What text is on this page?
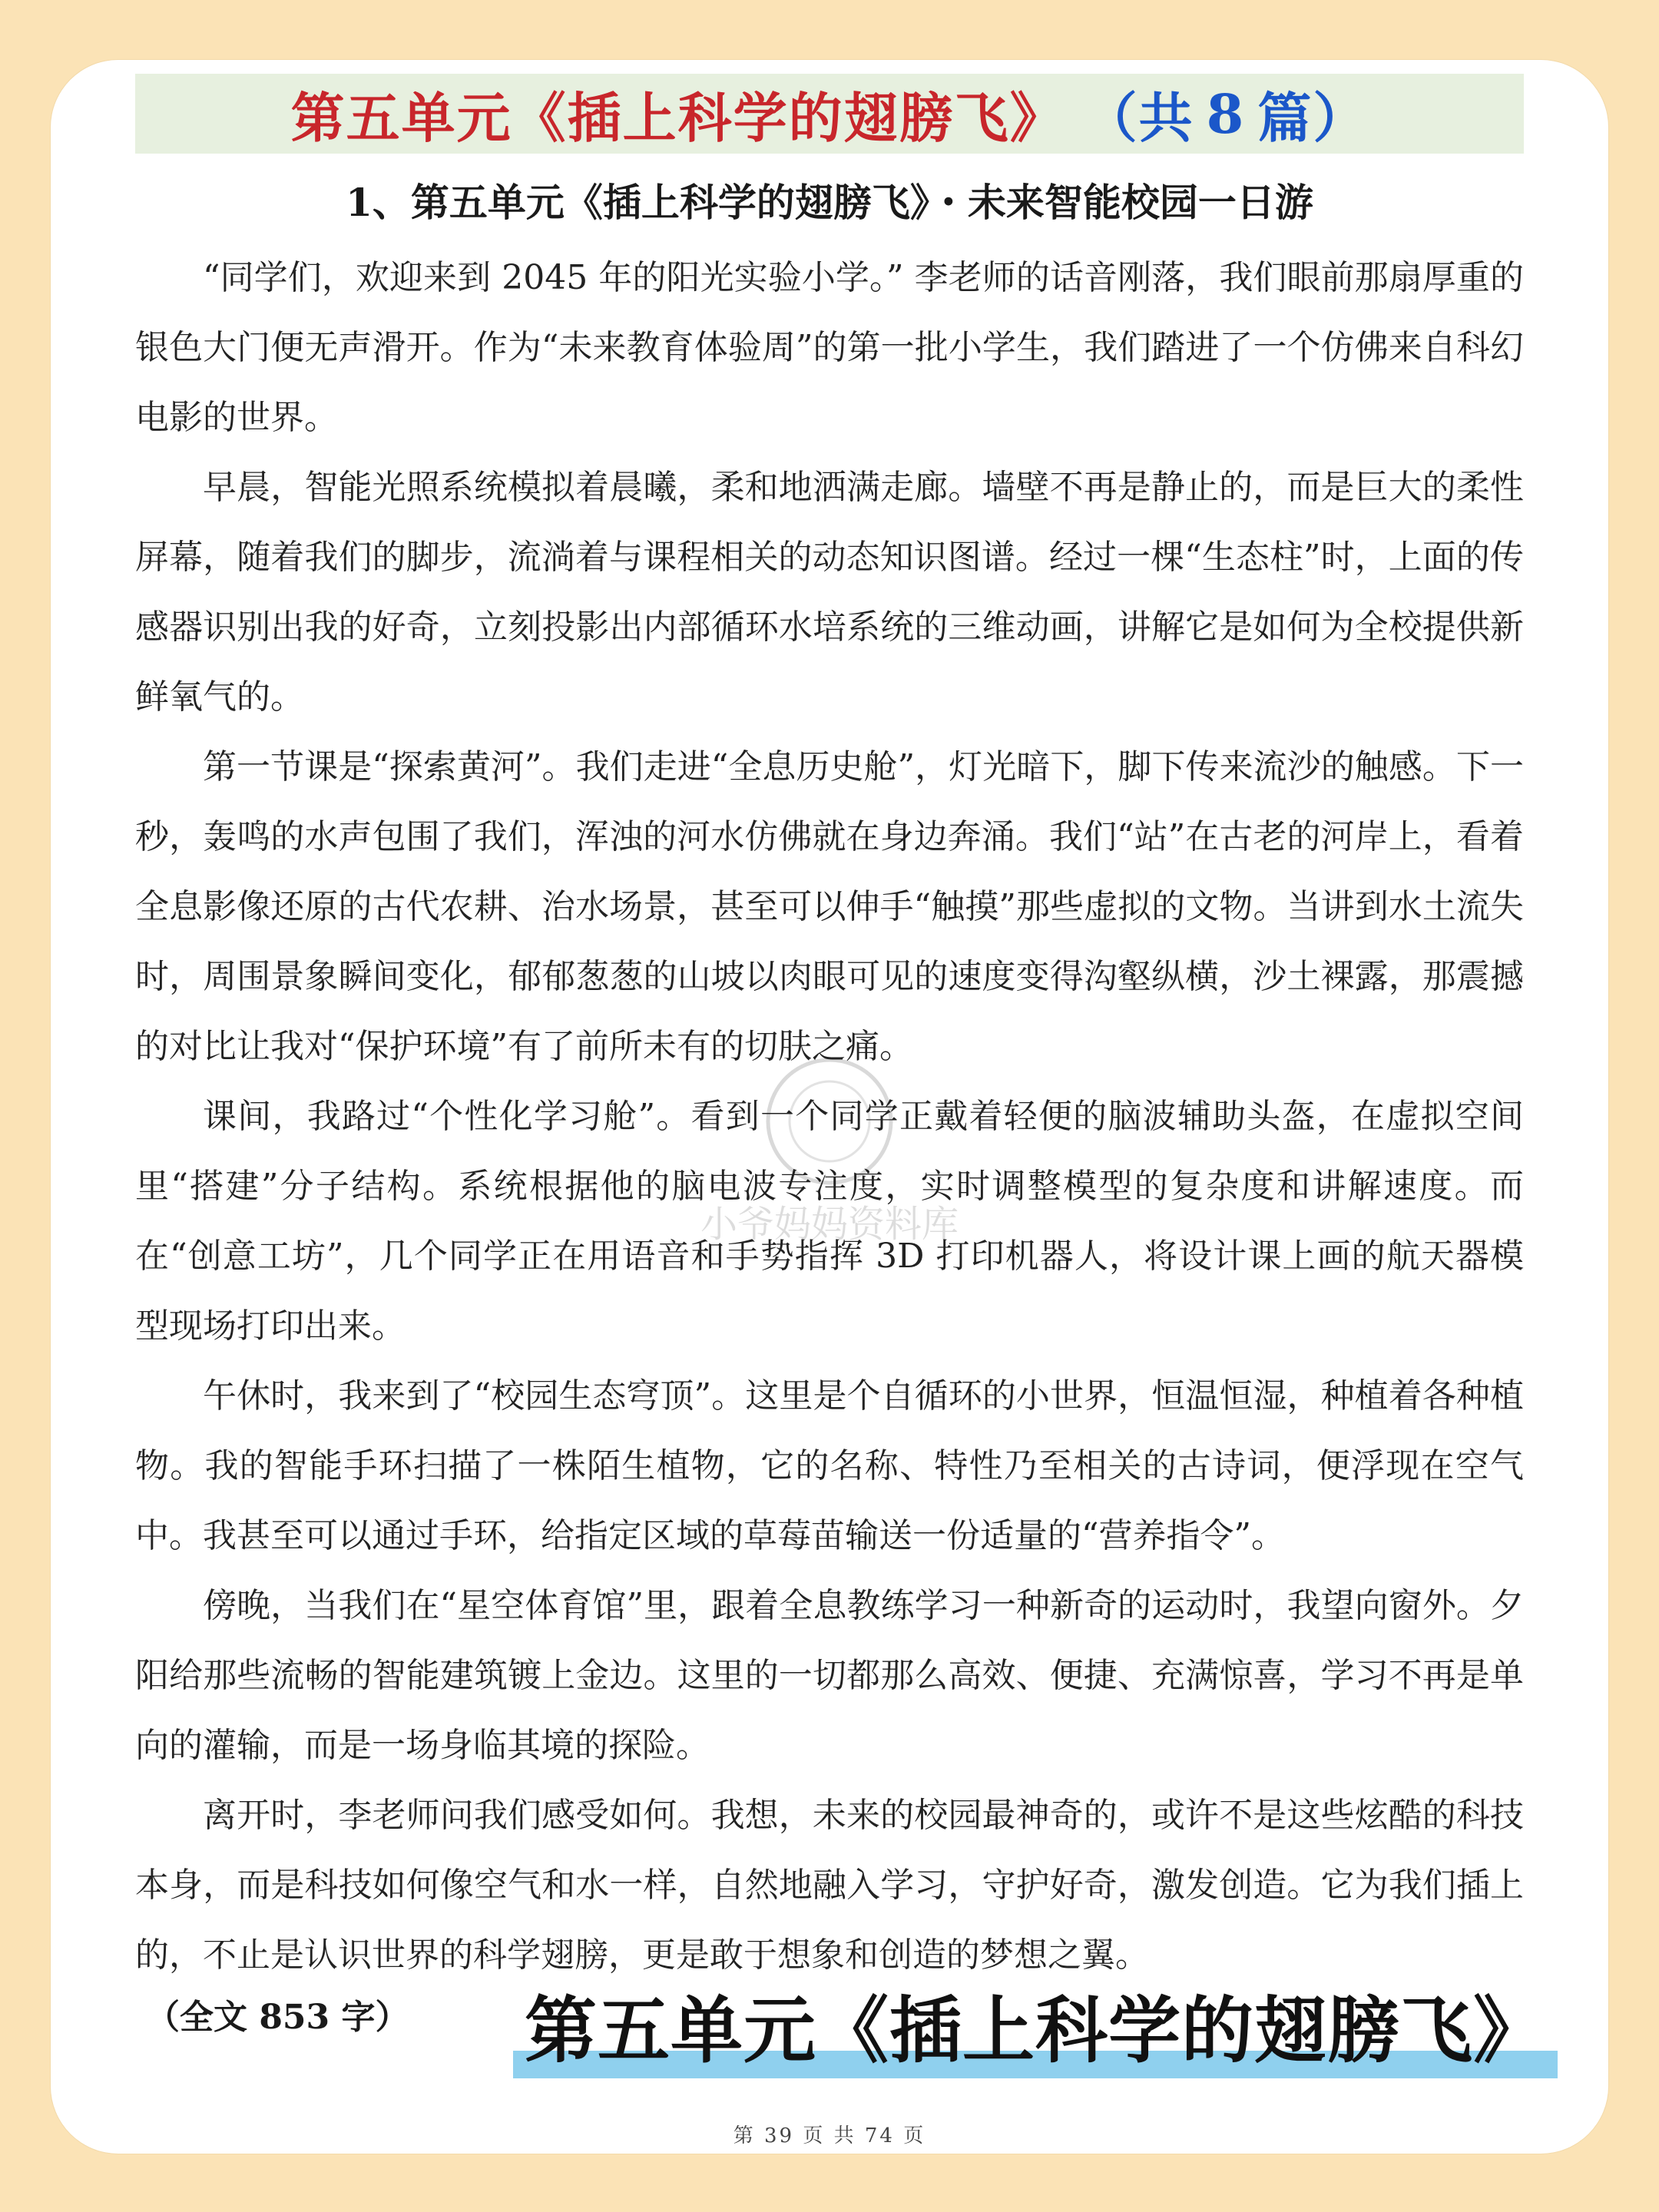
第五单元《插上科学的翅膀飞》 （共 8 篇）
1、第五单元《插上科学的翅膀飞》・未来智能校园一日游
小爷妈妈资料库

“同学们，欢迎来到 2045 年的阳光实验小学。” 李老师的话音刚落，我们眼前那扇厚重的银色大门便无声滑开。作为“未来教育体验周”的第一批小学生，我们踏进了一个仿佛来自科幻电影的世界。

早晨，智能光照系统模拟着晨曦，柔和地洒满走廊。墙壁不再是静止的，而是巨大的柔性屏幕，随着我们的脚步，流淌着与课程相关的动态知识图谱。经过一棵“生态柱”时，上面的传感器识别出我的好奇，立刻投影出内部循环水培系统的三维动画，讲解它是如何为全校提供新鲜氧气的。

第一节课是“探索黄河”。我们走进“全息历史舱”，灯光暗下，脚下传来流沙的触感。下一秒，轰鸣的水声包围了我们，浑浊的河水仿佛就在身边奔涌。我们“站”在古老的河岸上，看着全息影像还原的古代农耕、治水场景，甚至可以伸手“触摸”那些虚拟的文物。当讲到水土流失时，周围景象瞬间变化，郁郁葱葱的山坡以肉眼可见的速度变得沟壑纵横，沙土裸露，那震撼的对比让我对“保护环境”有了前所未有的切肤之痛。

课间，我路过“个性化学习舱”。看到一个同学正戴着轻便的脑波辅助头盔，在虚拟空间里“搭建”分子结构。系统根据他的脑电波专注度，实时调整模型的复杂度和讲解速度。而在“创意工坊”，几个同学正在用语音和手势指挥 3D 打印机器人，将设计课上画的航天器模型现场打印出来。

午休时，我来到了“校园生态穹顶”。这里是个自循环的小世界，恒温恒湿，种植着各种植物。我的智能手环扫描了一株陌生植物，它的名称、特性乃至相关的古诗词，便浮现在空气中。我甚至可以通过手环，给指定区域的草莓苗输送一份适量的“营养指令”。

傍晚，当我们在“星空体育馆”里，跟着全息教练学习一种新奇的运动时，我望向窗外。夕阳给那些流畅的智能建筑镀上金边。这里的一切都那么高效、便捷、充满惊喜，学习不再是单向的灌输，而是一场身临其境的探险。

离开时，李老师问我们感受如何。我想，未来的校园最神奇的，或许不是这些炫酷的科技本身，而是科技如何像空气和水一样，自然地融入学习，守护好奇，激发创造。它为我们插上的，不止是认识世界的科学翅膀，更是敢于想象和创造的梦想之翼。

（全文 853 字） 第五单元《插上科学的翅膀飞》
第 39 页 共 74 页
